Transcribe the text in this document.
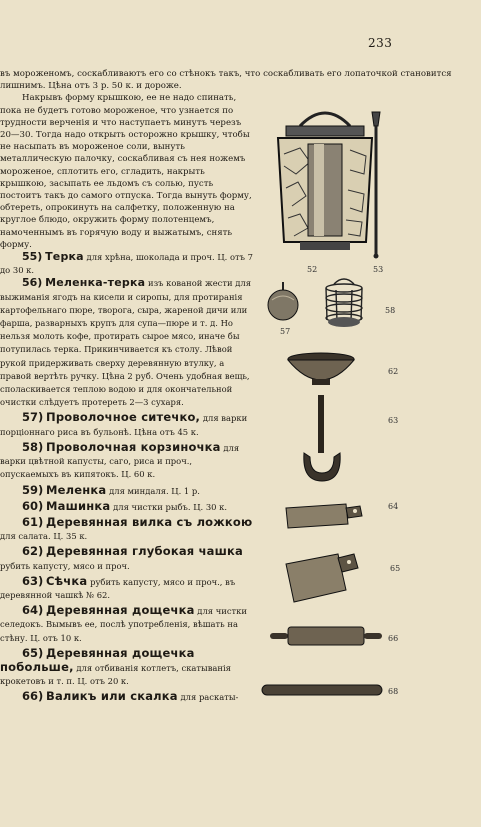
233

въ мороженомъ, соскабливаютъ его со стѣнокъ такъ, что соскабливать его лопаточкой становится лишнимъ. Цѣна отъ 3 р. 50 к. и дороже.

Накрывъ форму крышкою, ее не надо спинать, пока не будетъ готово мороженое, что узнается по трудности верченія и что наступаетъ минутъ черезъ 20—30. Тогда надо открыть осторожно крышку, чтобы не насыпать въ мороженое соли, вынуть металлическую палочку, соскабливая съ нея ножемъ мороженое, сплотить его, сгладить, накрыть крышкою, засыпать ее льдомъ съ солью, пусть постоитъ такъ до самого отпуска. Тогда вынуть форму, обтереть, опрокинуть на салфетку, положенную на круглое блюдо, окружить форму полотенцемъ, намоченнымъ въ горячую воду и выжатымъ, снять форму.

55) Терка для хрѣна, шоколада и проч. Ц. отъ 7 до 30 к.

56) Меленка-терка изъ кованой жести для выжиманія ягодъ на кисели и сиропы, для протиранія картофельнаго пюре, творога, сыра, жареной дичи или фарша, разварныхъ крупъ для супа—пюре и т. д. Но нельзя молоть кофе, протирать сырое мясо, иначе бы потупилась терка. Прикинчивается къ столу. Лѣвой рукой придерживать сверху деревянную втулку, а правой вертѣть ручку. Цѣна 2 руб. Очень удобная вещь, споласкивается теплою водою и для окончательной очистки слѣдуетъ протереть 2—3 сухаря.

57) Проволочное ситечко, для варки порціоннаго риса въ бульонѣ. Цѣна отъ 45 к.

58) Проволочная корзиночка для варки цвѣтной капусты, саго, риса и проч., опускаемыхъ въ кипятокъ. Ц. 60 к.

59) Меленка для миндаля. Ц. 1 р.

60) Машинка для чистки рыбъ. Ц. 30 к.

61) Деревянная вилка съ ложкою для салата. Ц. 35 к.

62) Деревянная глубокая чашка рубить капусту, мясо и проч.

63) Сѣчка рубить капусту, мясо и проч., въ деревянной чашкѣ № 62.

64) Деревянная дощечка для чистки селедокъ. Вымывъ ее, послѣ употребленія, вѣшать на стѣну. Ц. отъ 10 к.

65) Деревянная дощечка побольше, для отбиванія котлетъ, скатыванія крокетовъ и т. п. Ц. отъ 20 к.

66) Валикъ или скалка для раскаты-

52	53
57
58
62
63
64
65
66
68
